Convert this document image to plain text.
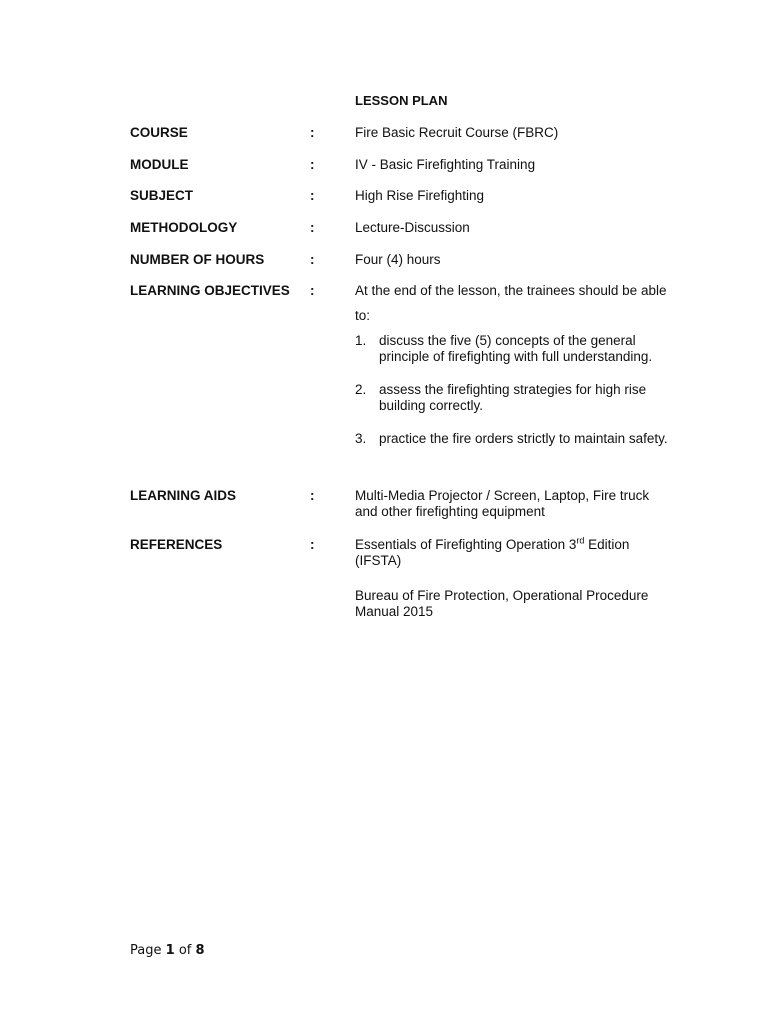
LESSON PLAN
COURSE	:	Fire Basic Recruit Course (FBRC)
MODULE	:	IV - Basic Firefighting Training
SUBJECT	:	High Rise Firefighting
METHODOLOGY	:	Lecture-Discussion
NUMBER OF HOURS	:	Four (4) hours
LEARNING OBJECTIVES :	At the end of the lesson, the trainees should be able
to:
1. discuss the five (5) concepts of the general principle of firefighting with full understanding.
2. assess the firefighting strategies for high rise building correctly.
3. practice the fire orders strictly to maintain safety.
LEARNING AIDS	:	Multi-Media Projector / Screen, Laptop, Fire truck and other firefighting equipment
REFERENCES	:	Essentials of Firefighting Operation 3rd Edition (IFSTA)
Bureau of Fire Protection, Operational Procedure Manual 2015
Page 1 of 8
